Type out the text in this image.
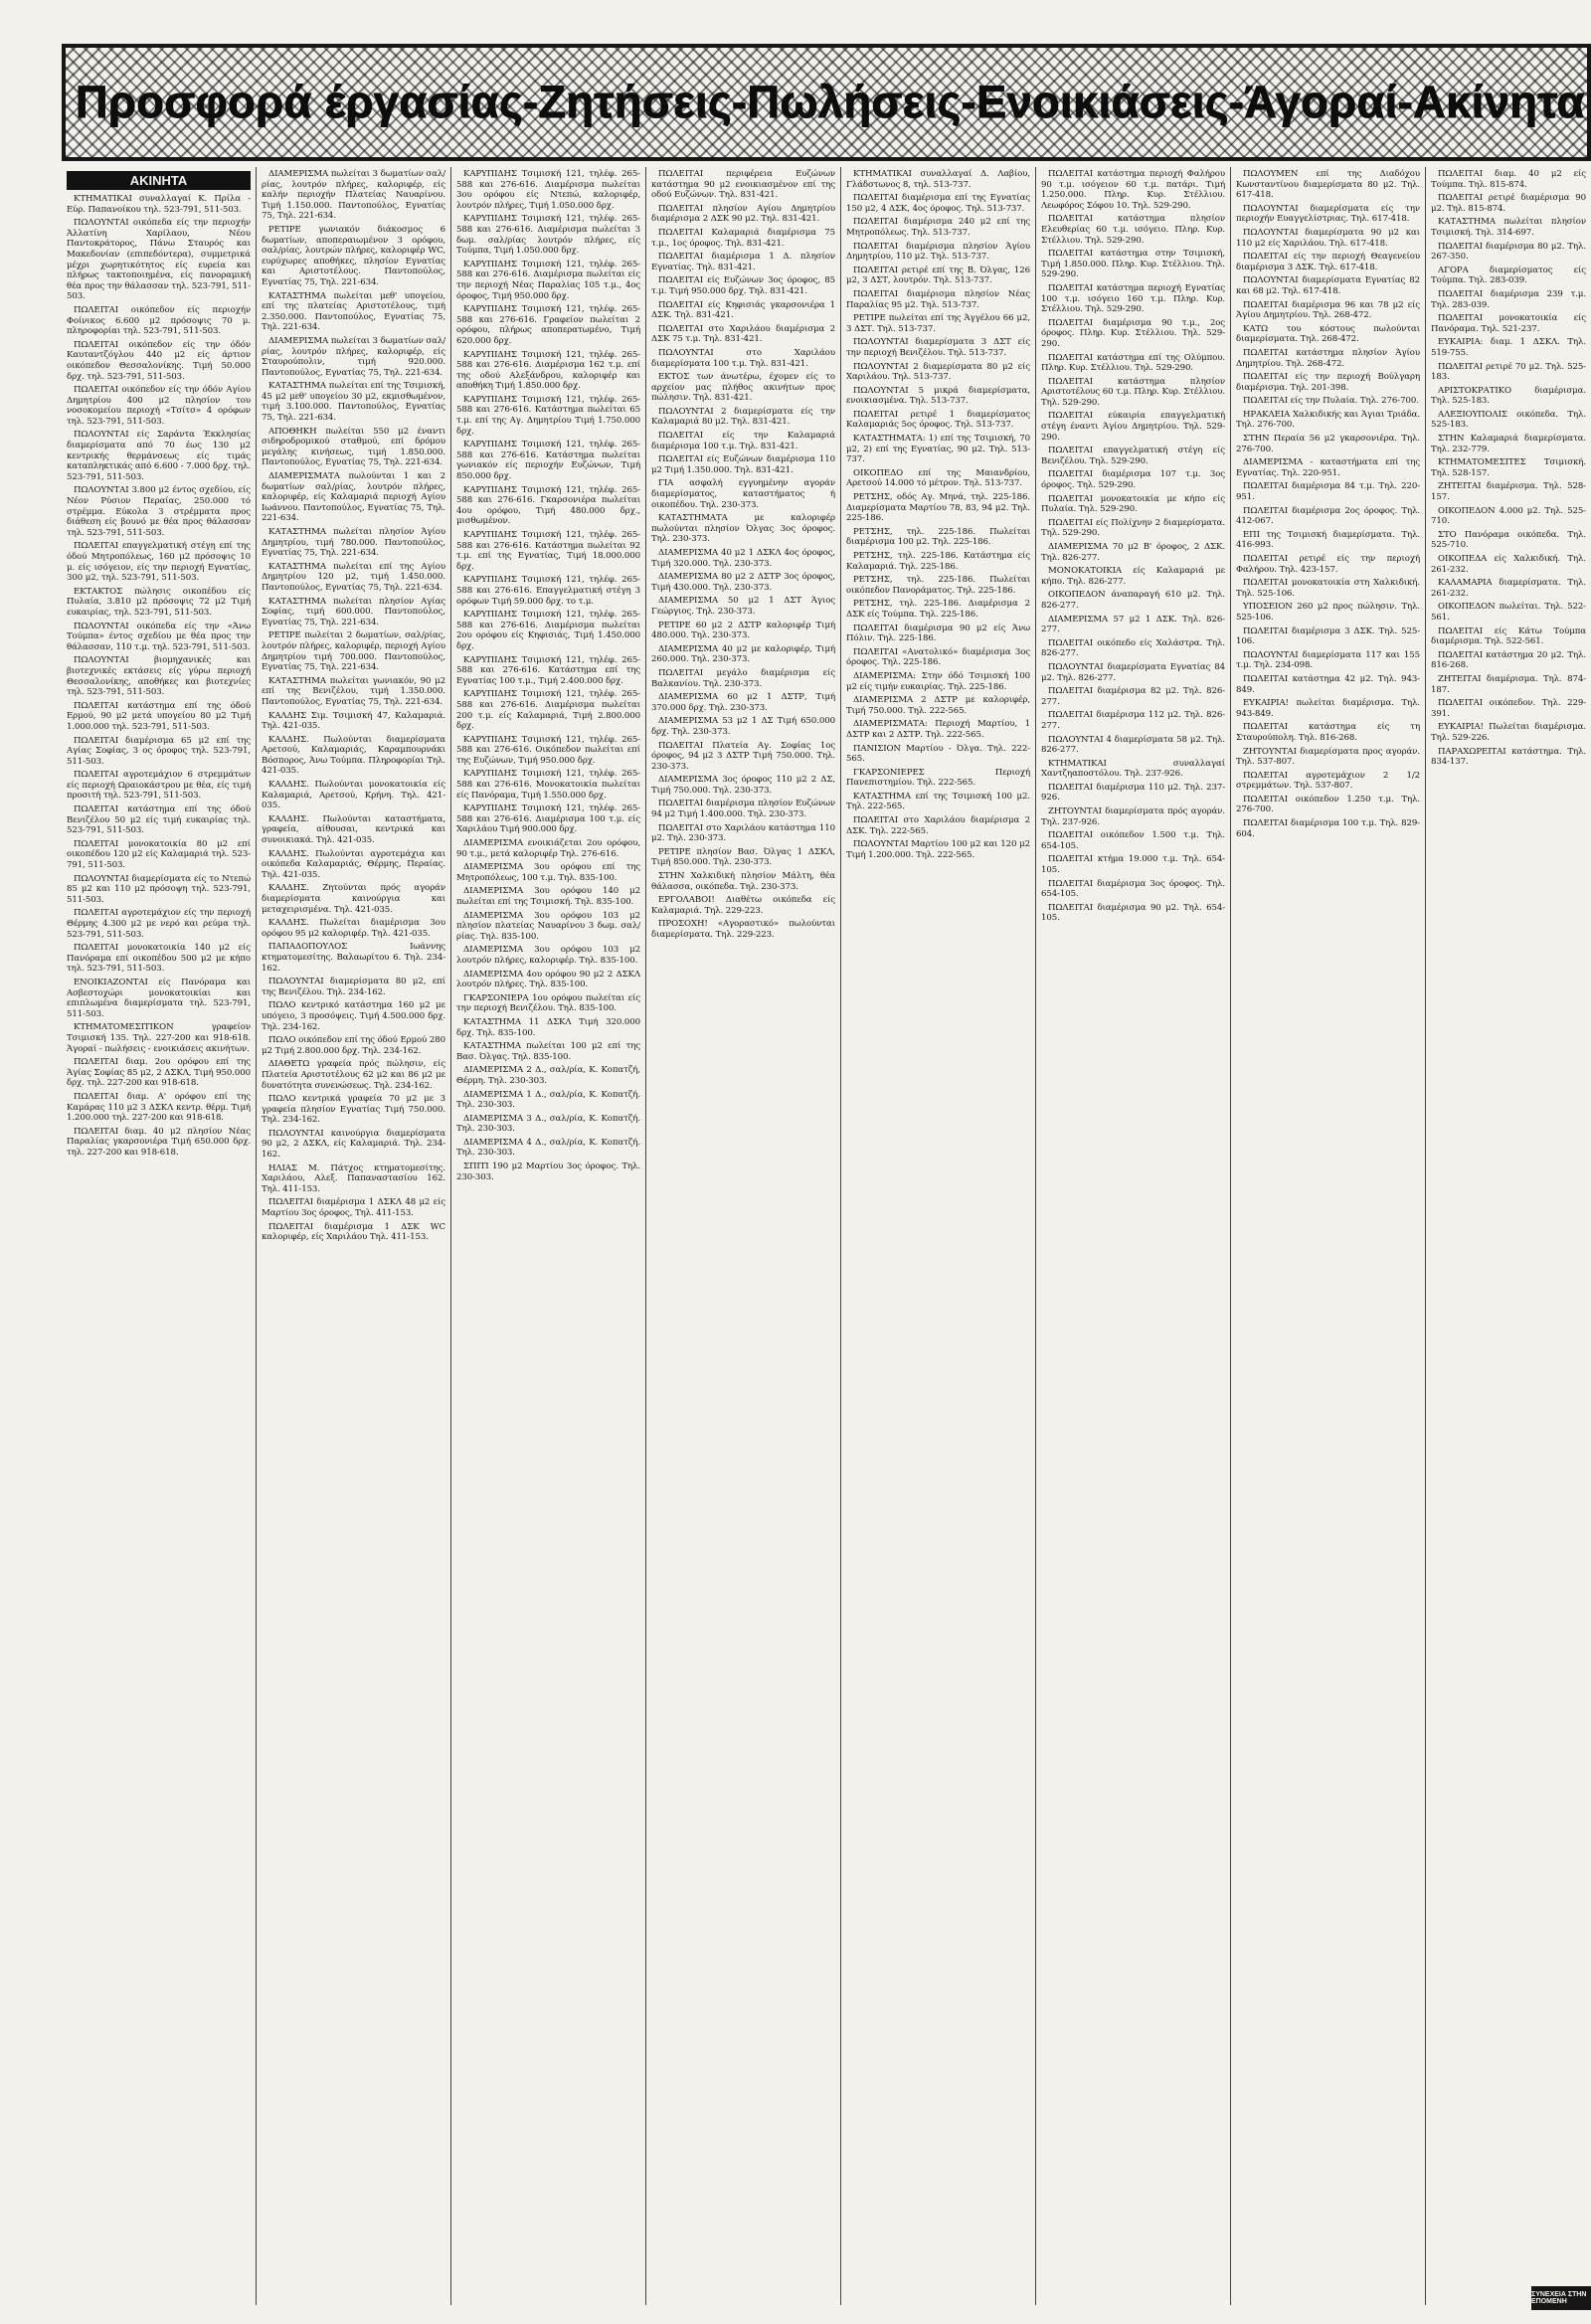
Προσφορά έργασίας-Ζητήσεις-Πωλήσεις-Ενοικιάσεις-Άγοραί-Ακίνητα
ΑΚΙΝΗΤΑ

ΚΤΗΜΑΤΙΚΑΙ συναλλαγαί Κ. Πρίλα - Εύρ. Παπανοίκου τηλ. 523-791, 511-503.

ΠΩΛΟΥΝΤΑΙ οικόπεδα είς την περιοχήν Άλλατίνη Χαρίλαου, Νέου Παντοκράτορος, Πάνω Σταυρός και Μακεδονίαν (επιπεδόντερα), συμμετρικά μέχρι χωρητικότητος είς ευρεία και πλήρως τακτοποιημένα, είς πανοραμική θέα προς την θάλασσαν τηλ. 523-791, 511-503.

ΠΩΛΕΙΤΑΙ οικόπεδον είς περιοχήν Φοίνικος 6.600 μ2 πρόσοψις 70 μ. πληροφορίαι τηλ. 523-791, 511-503.

ΠΩΛΕΙΤΑΙ οικόπεδον είς την όδόν Καυταντζόγλου 440 μ2 είς άρτιον οικόπεδον Θεσσαλονίκης. Τιμή 50.000 δρχ. τηλ. 523-791, 511-503.

ΠΩΛΕΙΤΑΙ οικόπεδον είς την όδόν Αγίου Δημητρίου 400 μ2 πλησίον του νοσοκομείου περιοχή «Τσίτσ» 4 ορόφων τηλ. 523-791, 511-503.

ΠΩΛΟΥΝΤΑΙ είς Σαράντα Έκκλησίας διαμερίσματα από 70 έως 130 μ2 κεντρικής θερμάνσεως είς τιμάς καταπληκτικάς από 6.600 - 7.000 δρχ. τηλ. 523-791, 511-503.

ΠΩΛΟΥΝΤΑΙ 3.800 μ2 έντος σχεδίου, είς Νέον Ρύσιον Περαίας, 250.000 τό στρέμμα. Εύκολα 3 στρέμματα προς διάθεση είς βουνό με θέα προς θάλασσαν τηλ. 523-791, 511-503.

ΠΩΛΕΙΤΑΙ επαγγελματική στέγη επί της όδού Μητροπόλεως, 160 μ2 πρόσοψις 10 μ. είς ισόγειον, είς την περιοχή Εγνατίας, 300 μ2, τηλ. 523-791, 511-503.

ΕΚΤΑΚΤΟΣ πώλησις οικοπέδου είς Πυλαία, 3.810 μ2 πρόσοψις 72 μ2 Τιμή ευκαιρίας, τηλ. 523-791, 511-503.

ΠΩΛΟΥΝΤΑΙ οικόπεδα είς την «Άνω Τούμπα» έντος σχεδίου με θέα προς την θάλασσαν, 110 τ.μ. τηλ. 523-791, 511-503.

ΠΩΛΟΥΝΤΑΙ βιομηχανικές και βιοτεχνικές εκτάσεις είς γύρω περιοχή Θεσσαλονίκης, αποθήκες και βιοτεχνίες τηλ. 523-791, 511-503.

ΠΩΛΕΙΤΑΙ κατάστημα επί της όδού Ερμού, 90 μ2 μετά υπογείου 80 μ2 Τιμή 1.000.000 τηλ. 523-791, 511-503.

ΠΩΛΕΙΤΑΙ διαμέρισμα 65 μ2 επί της Αγίας Σοφίας, 3 ος όροφος τηλ. 523-791, 511-503.

ΠΩΛΕΙΤΑΙ αγροτεμάχιον 6 στρεμμάτων είς περιοχή Ωραιοκάστρου με θέα, είς τιμή προσιτή τηλ. 523-791, 511-503.

ΠΩΛΕΙΤΑΙ κατάστημα επί της όδού Βενιζέλου 50 μ2 είς τιμή ευκαιρίας τηλ. 523-791, 511-503.

ΠΩΛΕΙΤΑΙ μονοκατοικία 80 μ2 επί οικοπέδου 120 μ2 είς Καλαμαριά τηλ. 523-791, 511-503.

ΠΩΛΟΥΝΤΑΙ διαμερίσματα είς το Ντεπώ 85 μ2 και 110 μ2 πρόσοψη τηλ. 523-791, 511-503.

ΠΩΛΕΙΤΑΙ αγροτεμάχιον είς την περιοχή Θέρμης 4.300 μ2 με νερό και ρεύμα τηλ. 523-791, 511-503.

ΠΩΛΕΙΤΑΙ μονοκατοικία 140 μ2 είς Πανόραμα επί οικοπέδου 500 μ2 με κήπο τηλ. 523-791, 511-503.

ΕΝΟΙΚΙΑΖΟΝΤΑΙ είς Πανόραμα και Ασβεστοχώρι μονοκατοικίαι και επιπλωμένα διαμερίσματα τηλ. 523-791, 511-503.

ΚΤΗΜΑΤΟΜΕΣΙΤΙΚΟΝ γραφείον Τσιμισκή 135. Τηλ. 227-200 και 918-618. Άγοραί - πωλήσεις - ενοικιάσεις ακινήτων.

ΠΩΛΕΙΤΑΙ διαμ. 2ου ορόφου επί της Άγίας Σοφίας 85 μ2, 2 ΔΣΚΛ, Τιμή 950.000 δρχ. τηλ. 227-200 και 918-618.

ΠΩΛΕΙΤΑΙ διαμ. Α' ορόφου επί της Καμάρας 110 μ2 3 ΔΣΚΛ κεντρ. θέρμ. Τιμή 1.200.000 τηλ. 227-200 και 918-618.

ΠΩΛΕΙΤΑΙ διαμ. 40 μ2 πλησίον Νέας Παραλίας γκαρσονιέρα Τιμή 650.000 δρχ. τηλ. 227-200 και 918-618.

ΔΙΑΜΕΡΙΣΜΑ πωλείται 3 δωματίων σαλ/ρίας, λουτρόν πλήρες, καλοριφέρ, είς καλήν περιοχήν Πλατείας Ναυαρίνου. Τιμή 1.150.000. Παντοπούλος, Εγνατίας 75, Τηλ. 221-634.

ΡΕΤΙΡΕ γωνιακόν διάκοσμος 6 δωματίων, αποπεραιωμένον 3 ορόφου, σαλ/ρίας, λουτρών πλήρες, καλοριφέρ WC, ευρύχωρες αποθήκες, πλησίον Εγνατίας και Αριστοτέλους. Παντοπούλος, Εγνατίας 75, Τηλ. 221-634.

ΚΑΤΑΣΤΗΜΑ πωλείται μεθ' υπογείου, επί της πλατείας Αριστοτέλους, τιμή 2.350.000. Παντοπούλος, Εγνατίας 75, Τηλ. 221-634.

ΔΙΑΜΕΡΙΣΜΑ πωλείται 3 δωματίων σαλ/ρίας, λουτρόν πλήρες, καλοριφέρ, είς Σταυρούπολιν, τιμή 920.000. Παντοπούλος, Εγνατίας 75, Τηλ. 221-634.

ΚΑΤΑΣΤΗΜΑ πωλείται επί της Τσιμισκή, 45 μ2 μεθ' υπογείου 30 μ2, εκμισθωμένον, τιμή 3.100.000. Παντοπούλος, Εγνατίας 75, Τηλ. 221-634.

ΑΠΟΘΗΚΗ πωλείται 550 μ2 έναντι σιδηροδρομικού σταθμού, επί δρόμου μεγάλης κινήσεως, τιμή 1.850.000. Παντοπούλος, Εγνατίας 75, Τηλ. 221-634.

ΔΙΑΜΕΡΙΣΜΑΤΑ πωλούνται 1 και 2 δωματίων σαλ/ρίας, λουτρόν πλήρες, καλοριφέρ, είς Καλαμαριά περιοχή Αγίου Ιωάννου. Παντοπούλος, Εγνατίας 75, Τηλ. 221-634.

ΚΑΤΑΣΤΗΜΑ πωλείται πλησίον Άγίου Δημητρίου, τιμή 780.000. Παντοπούλος, Εγνατίας 75, Τηλ. 221-634.

ΚΑΤΑΣΤΗΜΑ πωλείται επί της Αγίου Δημητρίου 120 μ2, τιμή 1.450.000. Παντοπούλος, Εγνατίας 75, Τηλ. 221-634.

ΚΑΤΑΣΤΗΜΑ πωλείται πλησίον Αγίας Σοφίας, τιμή 600.000. Παντοπούλος, Εγνατίας 75, Τηλ. 221-634.

ΡΕΤΙΡΕ πωλείται 2 δωματίων, σαλ/ρίας, λουτρόν πλήρες, καλοριφέρ, περιοχή Αγίου Δημητρίου τιμή 700.000. Παντοπούλος, Εγνατίας 75, Τηλ. 221-634.

ΚΑΤΑΣΤΗΜΑ πωλείται γωνιακόν, 90 μ2 επί της Βενιζέλου, τιμή 1.350.000. Παντοπούλος, Εγνατίας 75, Τηλ. 221-634.

ΚΑΛΔΗΣ Σιμ. Τσιμισκή 47, Καλαμαριά. Τηλ. 421-035.

ΚΑΛΔΗΣ. Πωλούνται διαμερίσματα Αρετσού, Καλαμαριάς, Καραμπουρνάκι Βόσπορος, Άνω Τούμπα. Πληροφορίαι Τηλ. 421-035.

ΚΑΛΔΗΣ. Πωλούνται μονοκατοικία είς Καλαμαριά, Αρετσού, Κρήνη. Τηλ. 421-035.

ΚΑΛΔΗΣ. Πωλούνται καταστήματα, γραφεία, αίθουσαι, κεντρικά και συνοικιακά. Τηλ. 421-035.

ΚΑΛΔΗΣ. Πωλούνται αγροτεμάχια και οικόπεδα Καλαμαριάς, Θέρμης, Περαίας. Τηλ. 421-035.

ΚΑΛΔΗΣ. Ζητούνται πρός αγοράν διαμερίσματα καινούργια και μεταχειρισμένα. Τηλ. 421-035.

ΚΑΛΔΗΣ. Πωλείται διαμέρισμα 3ου ορόφου 95 μ2 καλοριφέρ. Τηλ. 421-035.

ΠΑΠΑΔΟΠΟΥΛΟΣ Ιωάννης κτηματομεσίτης. Βαλαωρίτου 6. Τηλ. 234-162.

ΠΩΛΟΥΝΤΑΙ διαμερίσματα 80 μ2, επί της Βενιζέλου. Τηλ. 234-162.

ΠΩΛΟ κεντρικό κατάστημα 160 μ2 με υπόγειο, 3 προσόψεις. Τιμή 4.500.000 δρχ. Τηλ. 234-162.

ΠΩΛΟ οικόπεδον επί της όδού Ερμού 280 μ2 Τιμή 2.800.000 δρχ. Τηλ. 234-162.

ΔΙΑΘΕΤΩ γραφεία πρός πώλησιν, είς Πλατεία Αριστοτέλους 62 μ2 και 86 μ2 με δυνατότητα συνενώσεως. Τηλ. 234-162.

ΠΩΛΟ κεντρικά γραφεία 70 μ2 με 3 γραφεία πλησίον Εγνατίας Τιμή 750.000. Τηλ. 234-162.

ΠΩΛΟΥΝΤΑΙ καινούργια διαμερίσματα 90 μ2, 2 ΔΣΚΛ, είς Καλαμαριά. Τηλ. 234-162.

ΗΛΙΑΣ Μ. Πάτχος κτηματομεσίτης. Χαριλάου, Αλεξ. Παπαναστασίου 162. Τηλ. 411-153.

ΠΩΛΕΙΤΑΙ διαμέρισμα 1 ΔΣΚΛ 48 μ2 είς Μαρτίου 3ος όροφος, Τηλ. 411-153.

ΠΩΛΕΙΤΑΙ διαμέρισμα 1 ΔΣΚ WC καλοριφέρ, είς Χαριλάου Τηλ. 411-153.

ΚΑΡΥΠΙΔΗΣ Τσιμισκή 121, τηλέφ. 265-588 και 276-616. Διαμέρισμα πωλείται 3ου ορόφου είς Ντεπώ, καλοριφέρ, λουτρόν πλήρες, Τιμή 1.050.000 δρχ.

ΚΑΡΥΠΙΔΗΣ Τσιμισκή 121, τηλέφ. 265-588 και 276-616. Διαμέρισμα πωλείται 3 δωμ. σαλ/ρίας λουτρόν πλήρες, είς Τούμπα, Τιμή 1.050.000 δρχ.

ΚΑΡΥΠΙΔΗΣ Τσιμισκή 121, τηλέφ. 265-588 και 276-616. Διαμέρισμα πωλείται είς την περιοχή Νέας Παραλίας 105 τ.μ., 4ος όροφος, Τιμή 950.000 δρχ.

ΚΑΡΥΠΙΔΗΣ Τσιμισκή 121, τηλέφ. 265-588 και 276-616. Γραφείον πωλείται 2 ορόφου, πλήρως αποπερατωμένο, Τιμή 620.000 δρχ.

ΚΑΡΥΠΙΔΗΣ Τσιμισκή 121, τηλέφ. 265-588 και 276-616. Διαμέρισμα 162 τ.μ. επί της οδού Αλεξάνδρου, καλοριφέρ και αποθήκη Τιμή 1.850.000 δρχ.

ΚΑΡΥΠΙΔΗΣ Τσιμισκή 121, τηλέφ. 265-588 και 276-616. Κατάστημα πωλείται 65 τ.μ. επί της Αγ. Δημητρίου Τιμή 1.750.000 δρχ.

ΚΑΡΥΠΙΔΗΣ Τσιμισκή 121, τηλέφ. 265-588 και 276-616. Κατάστημα πωλείται γωνιακόν είς περιοχήν Ευζώνων, Τιμή 850.000 δρχ.

ΚΑΡΥΠΙΔΗΣ Τσιμισκή 121, τηλέφ. 265-588 και 276-616. Γκαρσονιέρα πωλείται 4ου ορόφου, Τιμή 480.000 δρχ., μισθωμένον.

ΚΑΡΥΠΙΔΗΣ Τσιμισκή 121, τηλέφ. 265-588 και 276-616. Κατάστημα πωλείται 92 τ.μ. επί της Εγνατίας, Τιμή 18.000.000 δρχ.

ΚΑΡΥΠΙΔΗΣ Τσιμισκή 121, τηλέφ. 265-588 και 276-616. Επαγγελματική στέγη 3 ορόφων Τιμή 59.000 δρχ. το τ.μ.

ΚΑΡΥΠΙΔΗΣ Τσιμισκή 121, τηλέφ. 265-588 και 276-616. Διαμέρισμα πωλείται 2ου ορόφου είς Κηφισιάς, Τιμή 1.450.000 δρχ.

ΚΑΡΥΠΙΔΗΣ Τσιμισκή 121, τηλέφ. 265-588 και 276-616. Κατάστημα επί της Εγνατίας 100 τ.μ., Τιμή 2.400.000 δρχ.

ΚΑΡΥΠΙΔΗΣ Τσιμισκή 121, τηλέφ. 265-588 και 276-616. Διαμέρισμα πωλείται 200 τ.μ. είς Καλαμαριά, Τιμή 2.800.000 δρχ.

ΚΑΡΥΠΙΔΗΣ Τσιμισκή 121, τηλέφ. 265-588 και 276-616. Οικόπεδον πωλείται επί της Ευζώνων, Τιμή 950.000 δρχ.

ΚΑΡΥΠΙΔΗΣ Τσιμισκή 121, τηλέφ. 265-588 και 276-616. Μονοκατοικία πωλείται είς Πανόραμα, Τιμή 1.550.000 δρχ.

ΚΑΡΥΠΙΔΗΣ Τσιμισκή 121, τηλέφ. 265-588 και 276-616. Διαμέρισμα 100 τ.μ. είς Χαριλάου Τιμή 900.000 δρχ.

ΔΙΑΜΕΡΙΣΜΑ ενοικιάζεται 2ου ορόφου, 90 τ.μ., μετά καλοριφέρ Τηλ. 276-616.

ΔΙΑΜΕΡΙΣΜΑ 3ου ορόφου επί της Μητροπόλεως, 100 τ.μ. Τηλ. 835-100.

ΔΙΑΜΕΡΙΣΜΑ 3ου ορόφου 140 μ2 πωλείται επί της Τσιμισκή. Τηλ. 835-100.

ΔΙΑΜΕΡΙΣΜΑ 3ου ορόφου 103 μ2 πλησίον πλατείας Ναυαρίνου 3 δωμ. σαλ/ρίας. Τηλ. 835-100.

ΔΙΑΜΕΡΙΣΜΑ 3ου ορόφου 103 μ2 λουτρόν πλήρες, καλοριφέρ. Τηλ. 835-100.

ΔΙΑΜΕΡΙΣΜΑ 4ου ορόφου 90 μ2 2 ΔΣΚΛ λουτρόν πλήρες. Τηλ. 835-100.

ΓΚΑΡΣΟΝΙΕΡΑ 1ου ορόφου πωλείται είς την περιοχή Βενιζέλου. Τηλ. 835-100.

ΚΑΤΑΣΤΗΜΑ 11 ΔΣΚΛ Τιμή 320.000 δρχ. Τηλ. 835-100.

ΚΑΤΑΣΤΗΜΑ πωλείται 100 μ2 επί της Βασ. Όλγας. Τηλ. 835-100.

ΔΙΑΜΕΡΙΣΜΑ 2 Δ., σαλ/ρία, Κ. Κοπατζή, Θέρμη. Τηλ. 230-303.

ΔΙΑΜΕΡΙΣΜΑ 1 Δ., σαλ/ρία, Κ. Κοπατζή. Τηλ. 230-303.

ΔΙΑΜΕΡΙΣΜΑ 3 Δ., σαλ/ρία, Κ. Κοπατζή. Τηλ. 230-303.

ΔΙΑΜΕΡΙΣΜΑ 4 Δ., σαλ/ρία, Κ. Κοπατζή. Τηλ. 230-303.

ΣΠΙΤΙ 190 μ2 Μαρτίου 3ος όροφος. Τηλ. 230-303.

ΠΩΛΕΙΤΑΙ περιφέρεια Ευζώνων κατάστημα 90 μ2 ενοικιασμένον επί της οδού Ευζώνων. Τηλ. 831-421.

ΠΩΛΕΙΤΑΙ πλησίον Αγίου Δημητρίου διαμέρισμα 2 ΔΣΚ 90 μ2. Τηλ. 831-421.

ΠΩΛΕΙΤΑΙ Καλαμαριά διαμέρισμα 75 τ.μ., 1ος όροφος. Τηλ. 831-421.

ΠΩΛΕΙΤΑΙ διαμέρισμα 1 Δ. πλησίον Εγνατίας. Τηλ. 831-421.

ΠΩΛΕΙΤΑΙ είς Ευζώνων 3ος όροφος, 85 τ.μ. Τιμή 950.000 δρχ. Τηλ. 831-421.

ΠΩΛΕΙΤΑΙ είς Κηφισιάς γκαρσονιέρα 1 ΔΣΚ. Τηλ. 831-421.

ΠΩΛΕΙΤΑΙ στο Χαριλάου διαμέρισμα 2 ΔΣΚ 75 τ.μ. Τηλ. 831-421.

ΠΩΛΟΥΝΤΑΙ στο Χαριλάου διαμερίσματα 100 τ.μ. Τηλ. 831-421.

ΕΚΤΟΣ των άνωτέρω, έχομεν είς το αρχείον μας πλήθος ακινήτων προς πώλησιν. Τηλ. 831-421.

ΠΩΛΟΥΝΤΑΙ 2 διαμερίσματα είς την Καλαμαριά 80 μ2. Τηλ. 831-421.

ΠΩΛΕΙΤΑΙ είς την Καλαμαριά διαμέρισμα 100 τ.μ. Τηλ. 831-421.

ΠΩΛΕΙΤΑΙ είς Ευζώνων διαμέρισμα 110 μ2 Τιμή 1.350.000. Τηλ. 831-421.

ΓΙΑ ασφαλή εγγυημένην αγοράν διαμερίσματος, καταστήματος ή οικοπέδου. Τηλ. 230-373.

ΚΑΤΑΣΤΗΜΑΤΑ με καλοριφέρ πωλούνται πλησίον Όλγας 3ος όροφος. Τηλ. 230-373.

ΔΙΑΜΕΡΙΣΜΑ 40 μ2 1 ΔΣΚΛ 4ος όροφος, Τιμή 320.000. Τηλ. 230-373.

ΔΙΑΜΕΡΙΣΜΑ 80 μ2 2 ΔΣΤΡ 3ος όροφος, Τιμή 430.000. Τηλ. 230-373.

ΔΙΑΜΕΡΙΣΜΑ 50 μ2 1 ΔΣΤ Άγιος Γεώργιος. Τηλ. 230-373.

ΡΕΤΙΡΕ 60 μ2 2 ΔΣΤΡ καλοριφέρ Τιμή 480.000. Τηλ. 230-373.

ΔΙΑΜΕΡΙΣΜΑ 40 μ2 με καλοριφέρ, Τιμή 260.000. Τηλ. 230-373.

ΠΩΛΕΙΤΑΙ μεγάλο διαμέρισμα είς Βαλκανίου. Τηλ. 230-373.

ΔΙΑΜΕΡΙΣΜΑ 60 μ2 1 ΔΣΤΡ, Τιμή 370.000 δρχ. Τηλ. 230-373.

ΔΙΑΜΕΡΙΣΜΑ 53 μ2 1 ΔΣ Τιμή 650.000 δρχ. Τηλ. 230-373.

ΠΩΛΕΙΤΑΙ Πλατεία Αγ. Σοφίας 1ος όροφος, 94 μ2 3 ΔΣΤΡ Τιμή 750.000. Τηλ. 230-373.

ΔΙΑΜΕΡΙΣΜΑ 3ος όροφος 110 μ2 2 ΔΣ, Τιμή 750.000. Τηλ. 230-373.

ΠΩΛΕΙΤΑΙ διαμέρισμα πλησίον Ευζώνων 94 μ2 Τιμή 1.400.000. Τηλ. 230-373.

ΠΩΛΕΙΤΑΙ στο Χαριλάου κατάστημα 110 μ2. Τηλ. 230-373.

ΡΕΤΙΡΕ πλησίον Βασ. Όλγας 1 ΔΣΚΛ, Τιμή 850.000. Τηλ. 230-373.

ΣΤΗΝ Χαλκιδική πλησίον Μάλτη, θέα θάλασσα, οικόπεδα. Τηλ. 230-373.

ΕΡΓΟΛΑΒΟΙ! Διαθέτω οικόπεδα είς Καλαμαριά. Τηλ. 229-223.

ΠΡΟΣΟΧΗ! «Αγοραστικό» πωλούνται διαμερίσματα. Τηλ. 229-223.

ΚΤΗΜΑΤΙΚΑΙ συναλλαγαί Δ. Λαβίου, Γλάδστωνος 8, τηλ. 513-737.

ΠΩΛΕΙΤΑΙ διαμέρισμα επί της Εγνατίας 150 μ2, 4 ΔΣΚ, 4ος όροφος. Τηλ. 513-737.

ΠΩΛΕΙΤΑΙ διαμέρισμα 240 μ2 επί της Μητροπόλεως. Τηλ. 513-737.

ΠΩΛΕΙΤΑΙ διαμέρισμα πλησίον Άγίου Δημητρίου, 110 μ2. Τηλ. 513-737.

ΠΩΛΕΙΤΑΙ ρετιρέ επί της Β. Όλγας, 126 μ2, 3 ΔΣΤ, λουτρόν. Τηλ. 513-737.

ΠΩΛΕΙΤΑΙ διαμέρισμα πλησίον Νέας Παραλίας 95 μ2. Τηλ. 513-737.

ΡΕΤΙΡΕ πωλείται επί της Άγγέλου 66 μ2, 3 ΔΣΤ. Τηλ. 513-737.

ΠΩΛΟΥΝΤΑΙ διαμερίσματα 3 ΔΣΤ είς την περιοχή Βενιζέλου. Τηλ. 513-737.

ΠΩΛΟΥΝΤΑΙ 2 διαμερίσματα 80 μ2 είς Χαριλάου. Τηλ. 513-737.

ΠΩΛΟΥΝΤΑΙ 5 μικρά διαμερίσματα, ενοικιασμένα. Τηλ. 513-737.

ΠΩΛΕΙΤΑΙ ρετιρέ 1 διαμερίσματος Καλαμαριάς 5ος όροφος. Τηλ. 513-737.

ΚΑΤΑΣΤΗΜΑΤΑ: 1) επί της Τσιμισκή, 70 μ2, 2) επί της Εγνατίας, 90 μ2. Τηλ. 513-737.

ΟΙΚΟΠΕΔΟ επί της Μαιανδρίου, Αρετσού 14.000 τό μέτρον. Τηλ. 513-737.

ΡΕΤΣΗΣ, οδός Αγ. Μηνά, τηλ. 225-186. Διαμερίσματα Μαρτίου 78, 83, 94 μ2. Τηλ. 225-186.

ΡΕΤΣΗΣ, τηλ. 225-186. Πωλείται διαμέρισμα 100 μ2. Τηλ. 225-186.

ΡΕΤΣΗΣ, τηλ. 225-186. Κατάστημα είς Καλαμαριά. Τηλ. 225-186.

ΡΕΤΣΗΣ, τηλ. 225-186. Πωλείται οικόπεδον Πανοράματος. Τηλ. 225-186.

ΡΕΤΣΗΣ, τηλ. 225-186. Διαμέρισμα 2 ΔΣΚ είς Τούμπα. Τηλ. 225-186.

ΠΩΛΕΙΤΑΙ διαμέρισμα 90 μ2 είς Άνω Πόλιν. Τηλ. 225-186.

ΠΩΛΕΙΤΑΙ «Ανατολικό» διαμέρισμα 3ος όροφος. Τηλ. 225-186.

ΔΙΑΜΕΡΙΣΜΑ: Στην όδό Τσιμισκή 100 μ2 είς τιμήν ευκαιρίας. Τηλ. 225-186.

ΔΙΑΜΕΡΙΣΜΑ 2 ΔΣΤΡ με καλοριφέρ, Τιμή 750.000. Τηλ. 222-565.

ΔΙΑΜΕΡΙΣΜΑΤΑ: Περιοχή Μαρτίου, 1 ΔΣΤΡ και 2 ΔΣΤΡ. Τηλ. 222-565.

ΠΑΝΙΣΙΟΝ Μαρτίου - Όλγα. Τηλ. 222-565.

ΓΚΑΡΣΟΝΙΕΡΕΣ Περιοχή Πανεπιστημίου. Τηλ. 222-565.

ΚΑΤΑΣΤΗΜΑ επί της Τσιμισκή 100 μ2. Τηλ. 222-565.

ΠΩΛΕΙΤΑΙ στο Χαριλάου διαμέρισμα 2 ΔΣΚ. Τηλ. 222-565.

ΠΩΛΟΥΝΤΑΙ Μαρτίου 100 μ2 και 120 μ2 Τιμή 1.200.000. Τηλ. 222-565.

ΠΩΛΕΙΤΑΙ κατάστημα περιοχή Φαλήρου 90 τ.μ. ισόγειον 60 τ.μ. πατάρι. Τιμή 1.250.000. Πληρ. Κυρ. Στέλλιου. Λεωφόρος Σόφου 10. Τηλ. 529-290.

ΠΩΛΕΙΤΑΙ κατάστημα πλησίον Ελευθερίας 60 τ.μ. ισόγειο. Πληρ. Κυρ. Στέλλιου. Τηλ. 529-290.

ΠΩΛΕΙΤΑΙ κατάστημα στην Τσιμισκή, Τιμή 1.850.000. Πληρ. Κυρ. Στέλλιου. Τηλ. 529-290.

ΠΩΛΕΙΤΑΙ κατάστημα περιοχή Εγνατίας 100 τ.μ. ισόγειο 160 τ.μ. Πληρ. Κυρ. Στέλλιου. Τηλ. 529-290.

ΠΩΛΕΙΤΑΙ διαμέρισμα 90 τ.μ., 2ος όροφος. Πληρ. Κυρ. Στέλλιου. Τηλ. 529-290.

ΠΩΛΕΙΤΑΙ κατάστημα επί της Ολύμπου. Πληρ. Κυρ. Στέλλιου. Τηλ. 529-290.

ΠΩΛΕΙΤΑΙ κατάστημα πλησίον Αριστοτέλους 60 τ.μ. Πληρ. Κυρ. Στέλλιου. Τηλ. 529-290.

ΠΩΛΕΙΤΑΙ εύκαιρία επαγγελματική στέγη έναντι Άγίου Δημητρίου. Τηλ. 529-290.

ΠΩΛΕΙΤΑΙ επαγγελματική στέγη είς Βενιζέλου. Τηλ. 529-290.

ΠΩΛΕΙΤΑΙ διαμέρισμα 107 τ.μ. 3ος όροφος. Τηλ. 529-290.

ΠΩΛΕΙΤΑΙ μονοκατοικία με κήπο είς Πυλαία. Τηλ. 529-290.

ΠΩΛΕΙΤΑΙ είς Πολίχνην 2 διαμερίσματα. Τηλ. 529-290.

ΔΙΑΜΕΡΙΣΜΑ 70 μ2 Β' όροφος, 2 ΔΣΚ. Τηλ. 826-277.

ΜΟΝΟΚΑΤΟΙΚΙΑ είς Καλαμαριά με κήπο. Τηλ. 826-277.

ΟΙΚΟΠΕΔΟΝ άναπαραγή 610 μ2. Τηλ. 826-277.

ΔΙΑΜΕΡΙΣΜΑ 57 μ2 1 ΔΣΚ. Τηλ. 826-277.

ΠΩΛΕΙΤΑΙ οικόπεδο είς Χαλάστρα. Τηλ. 826-277.

ΠΩΛΟΥΝΤΑΙ διαμερίσματα Εγνατίας 84 μ2. Τηλ. 826-277.

ΠΩΛΕΙΤΑΙ διαμέρισμα 82 μ2. Τηλ. 826-277.

ΠΩΛΕΙΤΑΙ διαμέρισμα 112 μ2. Τηλ. 826-277.

ΠΩΛΟΥΝΤΑΙ 4 διαμερίσματα 58 μ2. Τηλ. 826-277.

ΚΤΗΜΑΤΙΚΑΙ συναλλαγαί Χαντζηαποστόλου. Τηλ. 237-926.

ΠΩΛΕΙΤΑΙ διαμέρισμα 110 μ2. Τηλ. 237-926.

ΖΗΤΟΥΝΤΑΙ διαμερίσματα πρός αγοράν. Τηλ. 237-926.

ΠΩΛΕΙΤΑΙ οικόπεδον 1.500 τ.μ. Τηλ. 654-105.

ΠΩΛΕΙΤΑΙ κτήμα 19.000 τ.μ. Τηλ. 654-105.

ΠΩΛΕΙΤΑΙ διαμέρισμα 3ος όροφος. Τηλ. 654-105.

ΠΩΛΕΙΤΑΙ διαμέρισμα 90 μ2. Τηλ. 654-105.

ΠΩΛΟΥΜΕΝ επί της Διαδόχου Κωνσταντίνου διαμερίσματα 80 μ2. Τηλ. 617-418.

ΠΩΛΟΥΝΤΑΙ διαμερίσματα είς την περιοχήν Ευαγγελίστριας. Τηλ. 617-418.

ΠΩΛΟΥΝΤΑΙ διαμερίσματα 90 μ2 και 110 μ2 είς Χαριλάου. Τηλ. 617-418.

ΠΩΛΕΙΤΑΙ είς την περιοχή Θεαγενείου διαμέρισμα 3 ΔΣΚ. Τηλ. 617-418.

ΠΩΛΟΥΝΤΑΙ διαμερίσματα Εγνατίας 82 και 68 μ2. Τηλ. 617-418.

ΠΩΛΕΙΤΑΙ διαμέρισμα 96 και 78 μ2 είς Άγίου Δημητρίου. Τηλ. 268-472.

ΚΑΤΩ του κόστους πωλούνται διαμερίσματα. Τηλ. 268-472.

ΠΩΛΕΙΤΑΙ κατάστημα πλησίον Άγίου Δημητρίου. Τηλ. 268-472.

ΠΩΛΕΙΤΑΙ είς την περιοχή Βούλγαρη διαμέρισμα. Τηλ. 201-398.

ΠΩΛΕΙΤΑΙ είς την Πυλαία. Τηλ. 276-700.

ΗΡΑΚΛΕΙΑ Χαλκιδικής και Άγιαι Τριάδα. Τηλ. 276-700.

ΣΤΗΝ Περαία 56 μ2 γκαρσονιέρα. Τηλ. 276-700.

ΔΙΑΜΕΡΙΣΜΑ - καταστήματα επί της Εγνατίας. Τηλ. 220-951.

ΠΩΛΕΙΤΑΙ διαμέρισμα 84 τ.μ. Τηλ. 220-951.

ΠΩΛΕΙΤΑΙ διαμέρισμα 2ος όροφος. Τηλ. 412-067.

ΕΠΙ της Τσιμισκή διαμερίσματα. Τηλ. 416-993.

ΠΩΛΕΙΤΑΙ ρετιρέ είς την περιοχή Φαλήρου. Τηλ. 423-157.

ΠΩΛΕΙΤΑΙ μονοκατοικία στη Χαλκιδική. Τηλ. 525-106.

ΥΠΟΣΕΙΟΝ 260 μ2 προς πώλησιν. Τηλ. 525-106.

ΠΩΛΕΙΤΑΙ διαμέρισμα 3 ΔΣΚ. Τηλ. 525-106.

ΠΩΛΟΥΝΤΑΙ διαμερίσματα 117 και 155 τ.μ. Τηλ. 234-098.

ΠΩΛΕΙΤΑΙ κατάστημα 42 μ2. Τηλ. 943-849.

ΕΥΚΑΙΡΙΑ! πωλείται διαμέρισμα. Τηλ. 943-849.

ΠΩΛΕΙΤΑΙ κατάστημα είς τη Σταυρούπολη. Τηλ. 816-268.

ΖΗΤΟΥΝΤΑΙ διαμερίσματα προς αγοράν. Τηλ. 537-807.

ΠΩΛΕΙΤΑΙ αγροτεμάχιον 2 1/2 στρεμμάτων. Τηλ. 537-807.

ΠΩΛΕΙΤΑΙ οικόπεδον 1.250 τ.μ. Τηλ. 276-700.

ΠΩΛΕΙΤΑΙ διαμέρισμα 100 τ.μ. Τηλ. 829-604.

ΠΩΛΕΙΤΑΙ διαμ. 40 μ2 είς Τούμπα. Τηλ. 815-874.

ΠΩΛΕΙΤΑΙ ρετιρέ διαμέρισμα 90 μ2. Τηλ. 815-874.

ΚΑΤΑΣΤΗΜΑ πωλείται πλησίον Τσιμισκή. Τηλ. 314-697.

ΠΩΛΕΙΤΑΙ διαμέρισμα 80 μ2. Τηλ. 267-350.

ΑΓΟΡΑ διαμερίσματος είς Τούμπα. Τηλ. 283-039.

ΠΩΛΕΙΤΑΙ διαμέρισμα 239 τ.μ. Τηλ. 283-039.

ΠΩΛΕΙΤΑΙ μονοκατοικία είς Πανόραμα. Τηλ. 521-237.

ΕΥΚΑΙΡΙΑ: διαμ. 1 ΔΣΚΛ. Τηλ. 519-755.

ΠΩΛΕΙΤΑΙ ρετιρέ 70 μ2. Τηλ. 525-183.

ΑΡΙΣΤΟΚΡΑΤΙΚΟ διαμέρισμα. Τηλ. 525-183.

ΑΛΕΞΙΟΥΠΟΛΙΣ οικόπεδα. Τηλ. 525-183.

ΣΤΗΝ Καλαμαριά διαμερίσματα. Τηλ. 232-779.

ΚΤΗΜΑΤΟΜΕΣΙΤΕΣ Τσιμισκή. Τηλ. 528-157.

ΖΗΤΕΙΤΑΙ διαμέρισμα. Τηλ. 528-157.

ΟΙΚΟΠΕΔΟΝ 4.000 μ2. Τηλ. 525-710.

ΣΤΟ Πανόραμα οικόπεδα. Τηλ. 525-710.

ΟΙΚΟΠΕΔΑ είς Χαλκιδική. Τηλ. 261-232.

ΚΑΛΑΜΑΡΙΑ διαμερίσματα. Τηλ. 261-232.

ΟΙΚΟΠΕΔΟΝ πωλείται. Τηλ. 522-561.

ΠΩΛΕΙΤΑΙ είς Κάτω Τούμπα διαμέρισμα. Τηλ. 522-561.

ΠΩΛΕΙΤΑΙ κατάστημα 20 μ2. Τηλ. 816-268.

ΖΗΤΕΙΤΑΙ διαμέρισμα. Τηλ. 874-187.

ΠΩΛΕΙΤΑΙ οικόπεδον. Τηλ. 229-391.

ΕΥΚΑΙΡΙΑ! Πωλείται διαμέρισμα. Τηλ. 529-226.

ΠΑΡΑΧΩΡΕΙΤΑΙ κατάστημα. Τηλ. 834-137.

ΣΥΝΕΧΕΙΑ ΣΤΗΝ ΕΠΟΜΕΝΗ
